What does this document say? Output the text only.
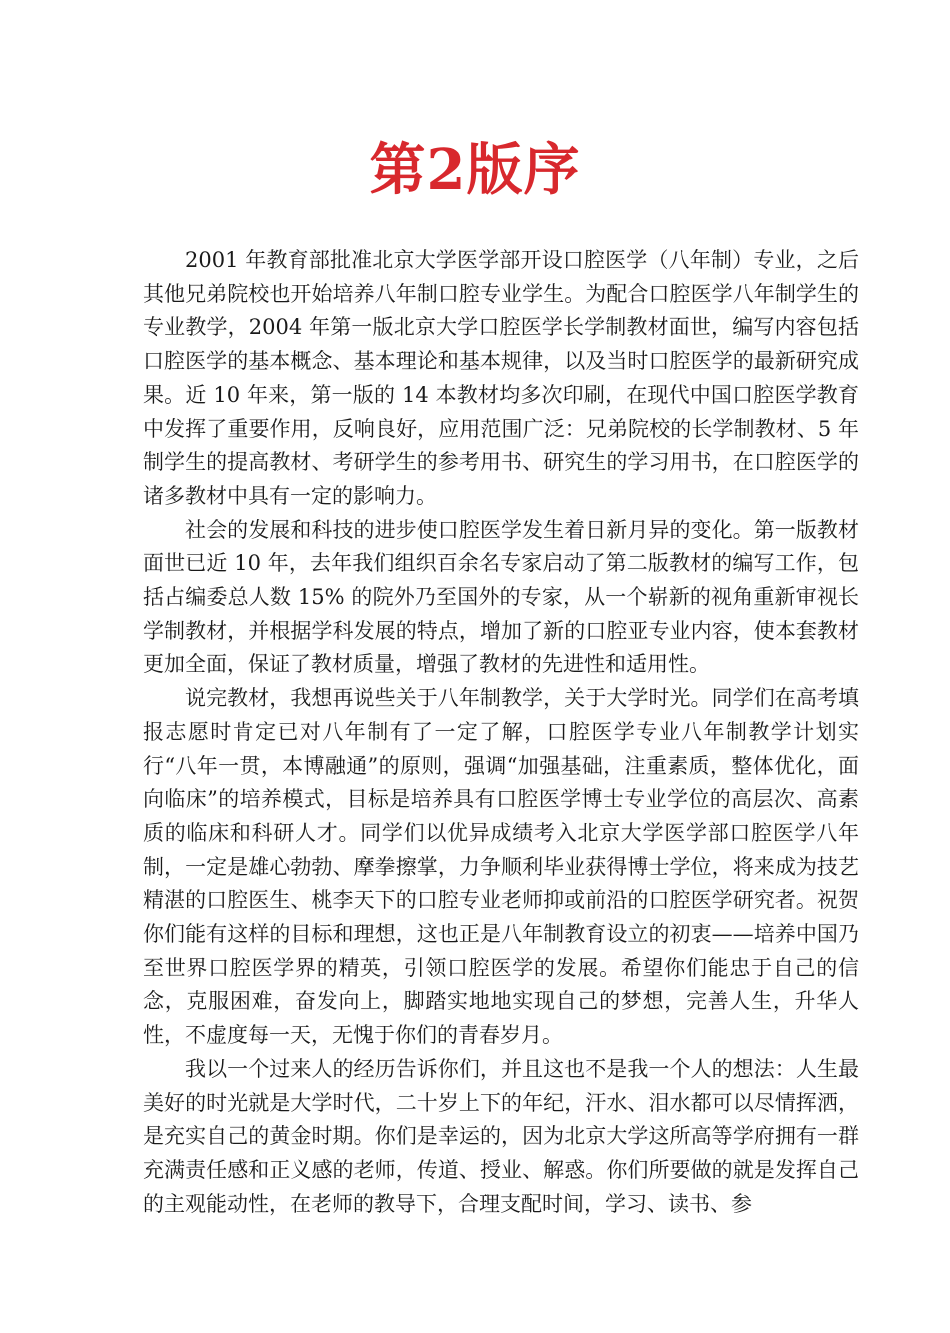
第2版序

2001 年教育部批准北京大学医学部开设口腔医学（八年制）专业，之后其他兄弟院校也开始培养八年制口腔专业学生。为配合口腔医学八年制学生的专业教学，2004 年第一版北京大学口腔医学长学制教材面世，编写内容包括口腔医学的基本概念、基本理论和基本规律，以及当时口腔医学的最新研究成果。近 10 年来，第一版的 14 本教材均多次印刷，在现代中国口腔医学教育中发挥了重要作用，反响良好，应用范围广泛：兄弟院校的长学制教材、5 年制学生的提高教材、考研学生的参考用书、研究生的学习用书，在口腔医学的诸多教材中具有一定的影响力。

社会的发展和科技的进步使口腔医学发生着日新月异的变化。第一版教材面世已近 10 年，去年我们组织百余名专家启动了第二版教材的编写工作，包括占编委总人数 15% 的院外乃至国外的专家，从一个崭新的视角重新审视长学制教材，并根据学科发展的特点，增加了新的口腔亚专业内容，使本套教材更加全面，保证了教材质量，增强了教材的先进性和适用性。

说完教材，我想再说些关于八年制教学，关于大学时光。同学们在高考填报志愿时肯定已对八年制有了一定了解，口腔医学专业八年制教学计划实行“八年一贯，本博融通”的原则，强调“加强基础，注重素质，整体优化，面向临床”的培养模式，目标是培养具有口腔医学博士专业学位的高层次、高素质的临床和科研人才。同学们以优异成绩考入北京大学医学部口腔医学八年制，一定是雄心勃勃、摩拳擦掌，力争顺利毕业获得博士学位，将来成为技艺精湛的口腔医生、桃李天下的口腔专业老师抑或前沿的口腔医学研究者。祝贺你们能有这样的目标和理想，这也正是八年制教育设立的初衷——培养中国乃至世界口腔医学界的精英，引领口腔医学的发展。希望你们能忠于自己的信念，克服困难，奋发向上，脚踏实地地实现自己的梦想，完善人生，升华人性，不虚度每一天，无愧于你们的青春岁月。

我以一个过来人的经历告诉你们，并且这也不是我一个人的想法：人生最美好的时光就是大学时代，二十岁上下的年纪，汗水、泪水都可以尽情挥洒，是充实自己的黄金时期。你们是幸运的，因为北京大学这所高等学府拥有一群充满责任感和正义感的老师，传道、授业、解惑。你们所要做的就是发挥自己的主观能动性，在老师的教导下，合理支配时间，学习、读书、参
